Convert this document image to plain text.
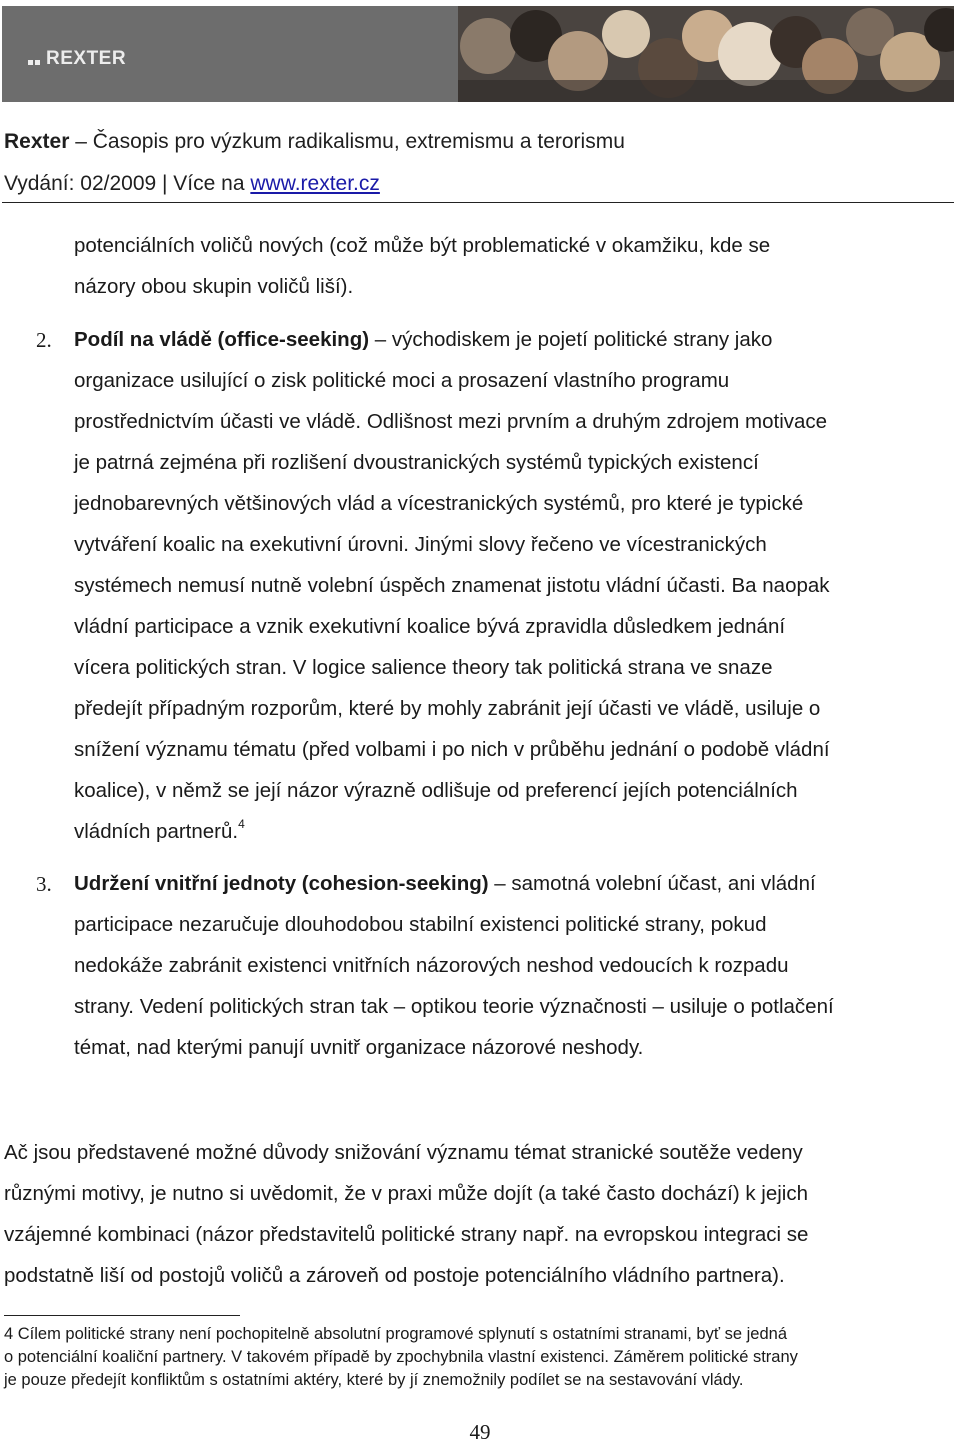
REXTER
Rexter – Časopis pro výzkum radikalismu, extremismu a terorismu
Vydání: 02/2009 | Více na www.rexter.cz
potenciálních voličů nových (což může být problematické v okamžiku, kde se
názory obou skupin voličů liší).
2. Podíl na vládě (office-seeking) – východiskem je pojetí politické strany jako
organizace usilující o zisk politické moci a prosazení vlastního programu
prostřednictvím účasti ve vládě. Odlišnost mezi prvním a druhým zdrojem motivace
je patrná zejména při rozlišení dvoustranických systémů typických existencí
jednobarevných většinových vlád a vícestranických systémů, pro které je typické
vytváření koalic na exekutivní úrovni. Jinými slovy řečeno ve vícestranických
systémech nemusí nutně volební úspěch znamenat jistotu vládní účasti. Ba naopak
vládní participace a vznik exekutivní koalice bývá zpravidla důsledkem jednání
vícera politických stran. V logice salience theory tak politická strana ve snaze
předejít případným rozporům, které by mohly zabránit její účasti ve vládě, usiluje o
snížení významu tématu (před volbami i po nich v průběhu jednání o podobě vládní
koalice), v němž se její názor výrazně odlišuje od preferencí jejích potenciálních
vládních partnerů.$^4$
3. Udržení vnitřní jednoty (cohesion-seeking) – samotná volební účast, ani vládní
participace nezaručuje dlouhodobou stabilní existenci politické strany, pokud
nedokáže zabránit existenci vnitřních názorových neshod vedoucích k rozpadu
strany. Vedení politických stran tak – optikou teorie význačnosti – usiluje o potlačení
témat, nad kterými panují uvnitř organizace názorové neshody.
Ač jsou představené možné důvody snižování významu témat stranické soutěže vedeny
různými motivy, je nutno si uvědomit, že v praxi může dojít (a také často dochází) k jejich
vzájemné kombinaci (názor představitelů politické strany např. na evropskou integraci se
podstatně liší od postojů voličů a zároveň od postoje potenciálního vládního partnera).
4 Cílem politické strany není pochopitelně absolutní programové splynutí s ostatními stranami, byť se jedná
o potenciální koaliční partnery. V takovém případě by zpochybnila vlastní existenci. Záměrem politické strany
je pouze předejít konfliktům s ostatními aktéry, které by jí znemožnily podílet se na sestavování vlády.
49
